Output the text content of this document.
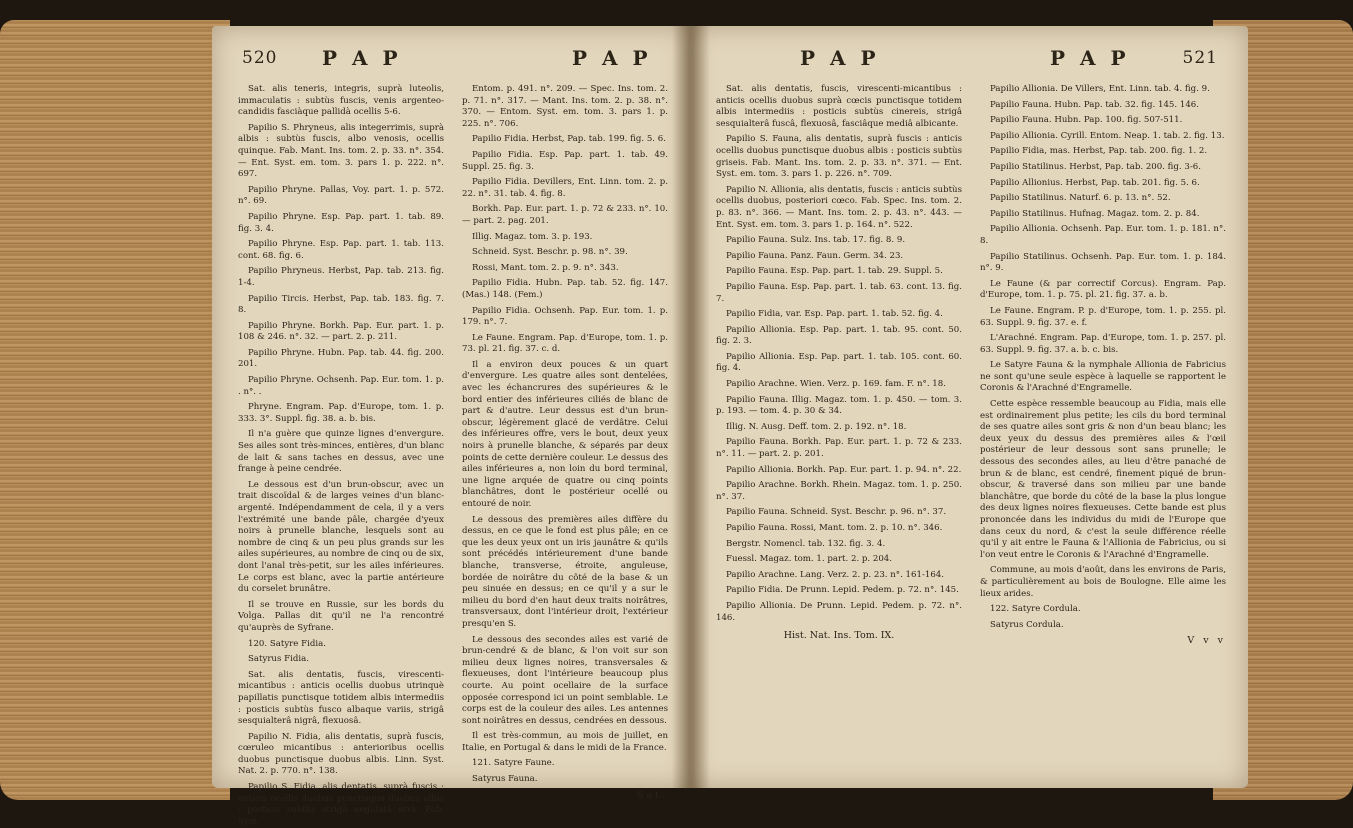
520 P A P	P A P

Sat. alis teneris, integris, suprà luteolis, immaculatis : subtùs fuscis, venis argenteo-candidis fasciàque pallidà ocellis 5-6.

Papilio S. Phryneus, alis integerrimis, suprà albis : subtùs fuscis, albo venosis, ocellis quinque. Fab. Mant. Ins. tom. 2. p. 33. n°. 354. — Ent. Syst. em. tom. 3. pars 1. p. 222. n°. 697.

Papilio Phryne. Pallas, Voy. part. 1. p. 572. n°. 69.

Papilio Phryne. Esp. Pap. part. 1. tab. 89. fig. 3. 4.

Papilio Phryne. Esp. Pap. part. 1. tab. 113. cont. 68. fig. 6.

Papilio Phryneus. Herbst, Pap. tab. 213. fig. 1-4.

Papilio Tircis. Herbst, Pap. tab. 183. fig. 7. 8.

Papilio Phryne. Borkh. Pap. Eur. part. 1. p. 108 & 246. n°. 32. — part. 2. p. 211.

Papilio Phryne. Hubn. Pap. tab. 44. fig. 200. 201.

Papilio Phryne. Ochsenh. Pap. Eur. tom. 1. p. . n°. .

Phryne. Engram. Pap. d'Europe, tom. 1. p. 333. 3°. Suppl. fig. 38. a. b. bis.

Il n'a guère que quinze lignes d'envergure. Ses ailes sont très-minces, entières, d'un blanc de lait & sans taches en dessus, avec une frange à peine cendrée.

Le dessous est d'un brun-obscur, avec un trait discoïdal & de larges veines d'un blanc-argenté. Indépendamment de cela, il y a vers l'extrémité une bande pâle, chargée d'yeux noirs à prunelle blanche, lesquels sont au nombre de cinq & un peu plus grands sur les ailes supérieures, au nombre de cinq ou de six, dont l'anal très-petit, sur les ailes inférieures. Le corps est blanc, avec la partie antérieure du corselet brunâtre.

Il se trouve en Russie, sur les bords du Volga. Pallas dit qu'il ne l'a rencontré qu'auprès de Syfrane.

120. Satyre Fidia.

Satyrus Fidia.

Sat. alis dentatis, fuscis, virescenti-micantibus : anticis ocellis duobus utrinquè papillatis punctisque totidem albis intermediis : posticis subtùs fusco albaque variis, strigâ sesquialterâ nigrâ, flexuosâ.

Papilio N. Fidia, alis dentatis, suprà fuscis, cœruleo micantibus : anterioribus ocellis duobus punctisque duobus albis. Linn. Syst. Nat. 2. p. 770. n°. 138.

Papilio S. Fidia, alis dentatis, suprà fuscis : anticis ocellis duobus punctisque duobus albis : posticis subtùs strigâ angulatâ atrâ. Fab. Syst.

Entom. p. 491. n°. 209. — Spec. Ins. tom. 2. p. 71. n°. 317. — Mant. Ins. tom. 2. p. 38. n°. 370. — Entom. Syst. em. tom. 3. pars 1. p. 225. n°. 706.

Papilio Fidia. Herbst, Pap. tab. 199. fig. 5. 6.

Papilio Fidia. Esp. Pap. part. 1. tab. 49. Suppl. 25. fig. 3.

Papilio Fidia. Devillers, Ent. Linn. tom. 2. p. 22. n°. 31. tab. 4. fig. 8.

Borkh. Pap. Eur. part. 1. p. 72 & 233. n°. 10. — part. 2. pag. 201.

Illig. Magaz. tom. 3. p. 193.

Schneid. Syst. Beschr. p. 98. n°. 39.

Rossi, Mant. tom. 2. p. 9. n°. 343.

Papilio Fidia. Hubn. Pap. tab. 52. fig. 147. (Mas.) 148. (Fem.)

Papilio Fidia. Ochsenh. Pap. Eur. tom. 1. p. 179. n°. 7.

Le Faune. Engram. Pap. d'Europe, tom. 1. p. 73. pl. 21. fig. 37. c. d.

Il a environ deux pouces & un quart d'envergure. Les quatre ailes sont dentelées, avec les échancrures des supérieures & le bord entier des inférieures ciliés de blanc de part & d'autre. Leur dessus est d'un brun-obscur, légèrement glacé de verdâtre. Celui des inférieures offre, vers le bout, deux yeux noirs à prunelle blanche, & séparés par deux points de cette dernière couleur. Le dessus des ailes inférieures a, non loin du bord terminal, une ligne arquée de quatre ou cinq points blanchâtres, dont le postérieur ocellé ou entouré de noir.

Le dessous des premières ailes diffère du dessus, en ce que le fond est plus pâle; en ce que les deux yeux ont un iris jaunâtre & qu'ils sont précédés intérieurement d'une bande blanche, transverse, étroite, anguleuse, bordée de noirâtre du côté de la base & un peu sinuée en dessus; en ce qu'il y a sur le milieu du bord d'en haut deux traits noirâtres, transversaux, dont l'intérieur droit, l'extérieur presqu'en S.

Le dessous des secondes ailes est varié de brun-cendré & de blanc, & l'on voit sur son milieu deux lignes noires, transversales & flexueuses, dont l'intérieure beaucoup plus courte. Au point ocellaire de la surface opposée correspond ici un point semblable. Le corps est de la couleur des ailes. Les antennes sont noirâtres en dessus, cendrées en dessous.

Il est très-commun, au mois de juillet, en Italie, en Portugal & dans le midi de la France.

121. Satyre Faune.

Satyrus Fauna.

Sat.
P A P	P A P	521

Sat. alis dentatis, fuscis, virescenti-micantibus : anticis ocellis duobus suprà cœcis punctisque totidem albis intermediis : posticis subtùs cinereis, strigâ sesquialterâ fuscâ, flexuosâ, fasciâque mediâ albicante.

Papilio S. Fauna, alis dentatis, suprà fuscis : anticis ocellis duobus punctisque duobus albis : posticis subtùs griseis. Fab. Mant. Ins. tom. 2. p. 33. n°. 371. — Ent. Syst. em. tom. 3. pars 1. p. 226. n°. 709.

Papilio N. Allionia, alis dentatis, fuscis : anticis subtùs ocellis duobus, posteriori cœco. Fab. Spec. Ins. tom. 2. p. 83. n°. 366. — Mant. Ins. tom. 2. p. 43. n°. 443. — Ent. Syst. em. tom. 3. pars 1. p. 164. n°. 522.

Papilio Fauna. Sulz. Ins. tab. 17. fig. 8. 9.

Papilio Fauna. Panz. Faun. Germ. 34. 23.

Papilio Fauna. Esp. Pap. part. 1. tab. 29. Suppl. 5.

Papilio Fauna. Esp. Pap. part. 1. tab. 63. cont. 13. fig. 7.

Papilio Fidia, var. Esp. Pap. part. 1. tab. 52. fig. 4.

Papilio Allionia. Esp. Pap. part. 1. tab. 95. cont. 50. fig. 2. 3.

Papilio Allionia. Esp. Pap. part. 1. tab. 105. cont. 60. fig. 4.

Papilio Arachne. Wien. Verz. p. 169. fam. F. n°. 18.

Papilio Fauna. Illig. Magaz. tom. 1. p. 450. — tom. 3. p. 193. — tom. 4. p. 30 & 34.

Illig. N. Ausg. Deff. tom. 2. p. 192. n°. 18.

Papilio Fauna. Borkh. Pap. Eur. part. 1. p. 72 & 233. n°. 11. — part. 2. p. 201.

Papilio Allionia. Borkh. Pap. Eur. part. 1. p. 94. n°. 22.

Papilio Arachne. Borkh. Rhein. Magaz. tom. 1. p. 250. n°. 37.

Papilio Fauna. Schneid. Syst. Beschr. p. 96. n°. 37.

Papilio Fauna. Rossi, Mant. tom. 2. p. 10. n°. 346.

Bergstr. Nomencl. tab. 132. fig. 3. 4.

Fuessl. Magaz. tom. 1. part. 2. p. 204.

Papilio Arachne. Lang. Verz. 2. p. 23. n°. 161-164.

Papilio Fidia. De Prunn. Lepid. Pedem. p. 72. n°. 145.

Papilio Allionia. De Prunn. Lepid. Pedem. p. 72. n°. 146.

Hist. Nat. Ins. Tom. IX.

Papilio Allionia. De Villers, Ent. Linn. tab. 4. fig. 9.

Papilio Fauna. Hubn. Pap. tab. 32. fig. 145. 146.

Papilio Fauna. Hubn. Pap. 100. fig. 507-511.

Papilio Allionia. Cyrill. Entom. Neap. 1. tab. 2. fig. 13.

Papilio Fidia, mas. Herbst, Pap. tab. 200. fig. 1. 2.

Papilio Statilinus. Herbst, Pap. tab. 200. fig. 3-6.

Papilio Allionius. Herbst, Pap. tab. 201. fig. 5. 6.

Papilio Statilinus. Naturf. 6. p. 13. n°. 52.

Papilio Statilinus. Hufnag. Magaz. tom. 2. p. 84.

Papilio Allionia. Ochsenh. Pap. Eur. tom. 1. p. 181. n°. 8.

Papilio Statilinus. Ochsenh. Pap. Eur. tom. 1. p. 184. n°. 9.

Le Faune (& par correctif Corcus). Engram. Pap. d'Europe, tom. 1. p. 75. pl. 21. fig. 37. a. b.

Le Faune. Engram. P. p. d'Europe, tom. 1. p. 255. pl. 63. Suppl. 9. fig. 37. e. f.

L'Arachné. Engram. Pap. d'Europe, tom. 1. p. 257. pl. 63. Suppl. 9. fig. 37. a. b. c. bis.

Le Satyre Fauna & la nymphale Allionia de Fabricius ne sont qu'une seule espèce à laquelle se rapportent le Coronis & l'Arachné d'Engramelle.

Cette espèce ressemble beaucoup au Fidia, mais elle est ordinairement plus petite; les cils du bord terminal de ses quatre ailes sont gris & non d'un beau blanc; les deux yeux du dessus des premières ailes & l'œil postérieur de leur dessous sont sans prunelle; le dessous des secondes ailes, au lieu d'être panaché de brun & de blanc, est cendré, finement piqué de brun-obscur, & traversé dans son milieu par une bande blanchâtre, que borde du côté de la base la plus longue des deux lignes noires flexueuses. Cette bande est plus prononcée dans les individus du midi de l'Europe que dans ceux du nord, & c'est la seule différence réelle qu'il y ait entre le Fauna & l'Allionia de Fabricius, ou si l'on veut entre le Coronis & l'Arachné d'Engramelle.

Commune, au mois d'août, dans les environs de Paris, & particulièrement au bois de Boulogne. Elle aime les lieux arides.

122. Satyre Cordula.

Satyrus Cordula.

V v v
